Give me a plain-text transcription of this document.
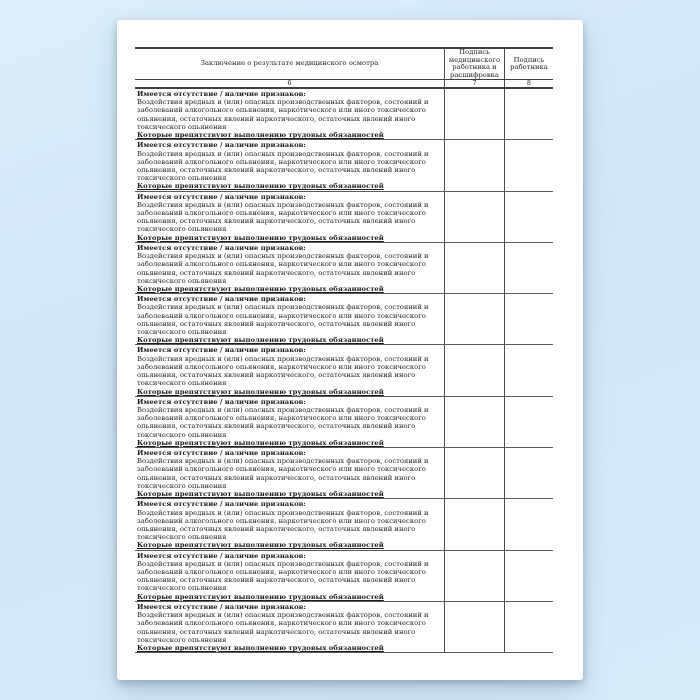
Заключение о результате медицинского осмотра
Подпись медицинского работника и расшифровка
Подпись работника
6	7	8
Имеется отсутствие / наличие признаков:
Воздействия вредных и (или) опасных производственных факторов, состояний и
заболеваний алкогольного опьянения, наркотического или иного токсического
опьянения, остаточных явлений наркотического, остаточных явлений иного
токсического опьянения
Которые препятствуют выполнению трудовых обязанностей
Имеется отсутствие / наличие признаков:
Воздействия вредных и (или) опасных производственных факторов, состояний и
заболеваний алкогольного опьянения, наркотического или иного токсического
опьянения, остаточных явлений наркотического, остаточных явлений иного
токсического опьянения
Которые препятствуют выполнению трудовых обязанностей
Имеется отсутствие / наличие признаков:
Воздействия вредных и (или) опасных производственных факторов, состояний и
заболеваний алкогольного опьянения, наркотического или иного токсического
опьянения, остаточных явлений наркотического, остаточных явлений иного
токсического опьянения
Которые препятствуют выполнению трудовых обязанностей
Имеется отсутствие / наличие признаков:
Воздействия вредных и (или) опасных производственных факторов, состояний и
заболеваний алкогольного опьянения, наркотического или иного токсического
опьянения, остаточных явлений наркотического, остаточных явлений иного
токсического опьянения
Которые препятствуют выполнению трудовых обязанностей
Имеется отсутствие / наличие признаков:
Воздействия вредных и (или) опасных производственных факторов, состояний и
заболеваний алкогольного опьянения, наркотического или иного токсического
опьянения, остаточных явлений наркотического, остаточных явлений иного
токсического опьянения
Которые препятствуют выполнению трудовых обязанностей
Имеется отсутствие / наличие признаков:
Воздействия вредных и (или) опасных производственных факторов, состояний и
заболеваний алкогольного опьянения, наркотического или иного токсического
опьянения, остаточных явлений наркотического, остаточных явлений иного
токсического опьянения
Которые препятствуют выполнению трудовых обязанностей
Имеется отсутствие / наличие признаков:
Воздействия вредных и (или) опасных производственных факторов, состояний и
заболеваний алкогольного опьянения, наркотического или иного токсического
опьянения, остаточных явлений наркотического, остаточных явлений иного
токсического опьянения
Которые препятствуют выполнению трудовых обязанностей
Имеется отсутствие / наличие признаков:
Воздействия вредных и (или) опасных производственных факторов, состояний и
заболеваний алкогольного опьянения, наркотического или иного токсического
опьянения, остаточных явлений наркотического, остаточных явлений иного
токсического опьянения
Которые препятствуют выполнению трудовых обязанностей
Имеется отсутствие / наличие признаков:
Воздействия вредных и (или) опасных производственных факторов, состояний и
заболеваний алкогольного опьянения, наркотического или иного токсического
опьянения, остаточных явлений наркотического, остаточных явлений иного
токсического опьянения
Которые препятствуют выполнению трудовых обязанностей
Имеется отсутствие / наличие признаков:
Воздействия вредных и (или) опасных производственных факторов, состояний и
заболеваний алкогольного опьянения, наркотического или иного токсического
опьянения, остаточных явлений наркотического, остаточных явлений иного
токсического опьянения
Которые препятствуют выполнению трудовых обязанностей
Имеется отсутствие / наличие признаков:
Воздействия вредных и (или) опасных производственных факторов, состояний и
заболеваний алкогольного опьянения, наркотического или иного токсического
опьянения, остаточных явлений наркотического, остаточных явлений иного
токсического опьянения
Которые препятствуют выполнению трудовых обязанностей
